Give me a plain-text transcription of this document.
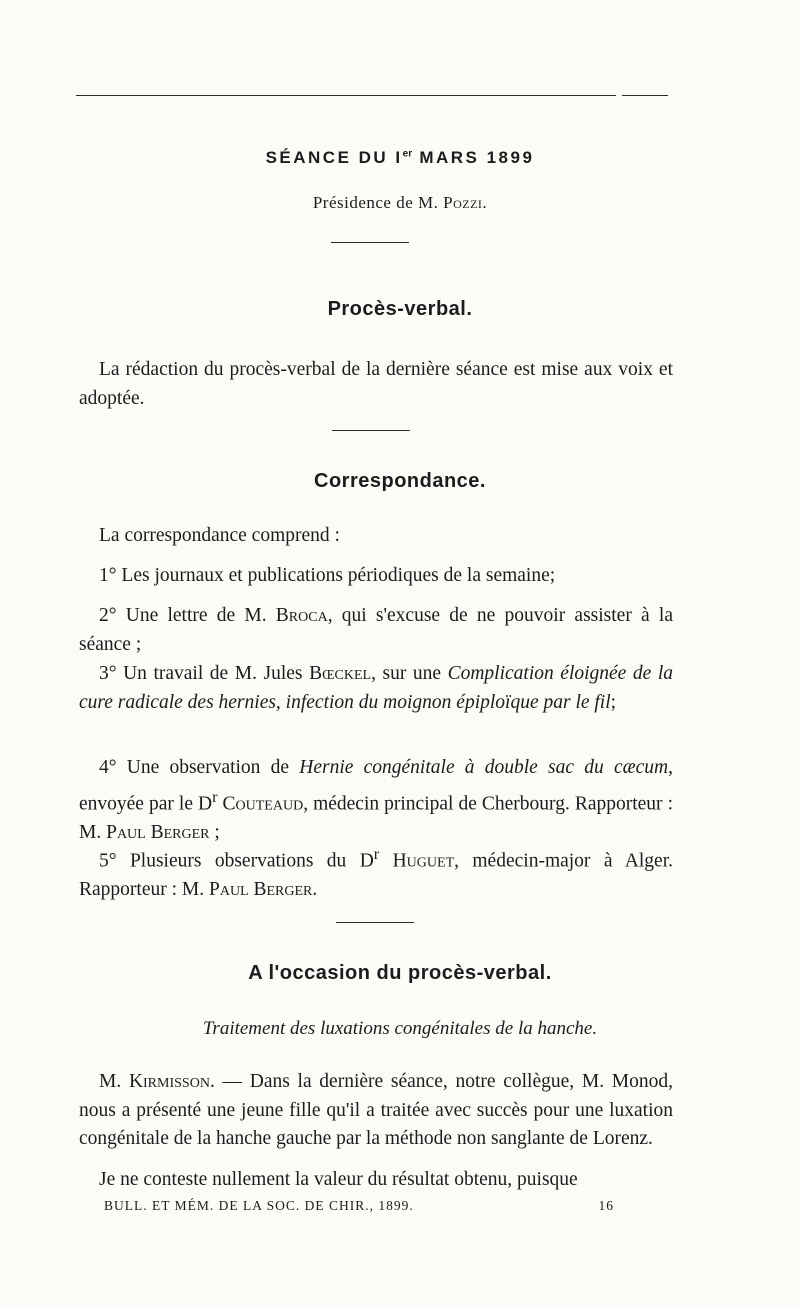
SÉANCE DU Ier MARS 1899
Présidence de M. Pozzi.
Procès-verbal.
La rédaction du procès-verbal de la dernière séance est mise aux voix et adoptée.
Correspondance.
La correspondance comprend :
1° Les journaux et publications périodiques de la semaine;
2° Une lettre de M. Broca, qui s'excuse de ne pouvoir assister à la séance ;
3° Un travail de M. Jules Bœckel, sur une Complication éloignée de la cure radicale des hernies, infection du moignon épiploïque par le fil;
4° Une observation de Hernie congénitale à double sac du cæcum, envoyée par le $D^r$ Couteaud, médecin principal de Cherbourg. Rapporteur : M. Paul Berger ;
5° Plusieurs observations du $D^r$ Huguet, médecin-major à Alger. Rapporteur : M. Paul Berger.
A l'occasion du procès-verbal.
Traitement des luxations congénitales de la hanche.
M. Kirmisson. — Dans la dernière séance, notre collègue, M. Monod, nous a présenté une jeune fille qu'il a traitée avec succès pour une luxation congénitale de la hanche gauche par la méthode non sanglante de Lorenz.
Je ne conteste nullement la valeur du résultat obtenu, puisque
BULL. ET MÉM. DE LA SOC. DE CHIR., 1899.	16
